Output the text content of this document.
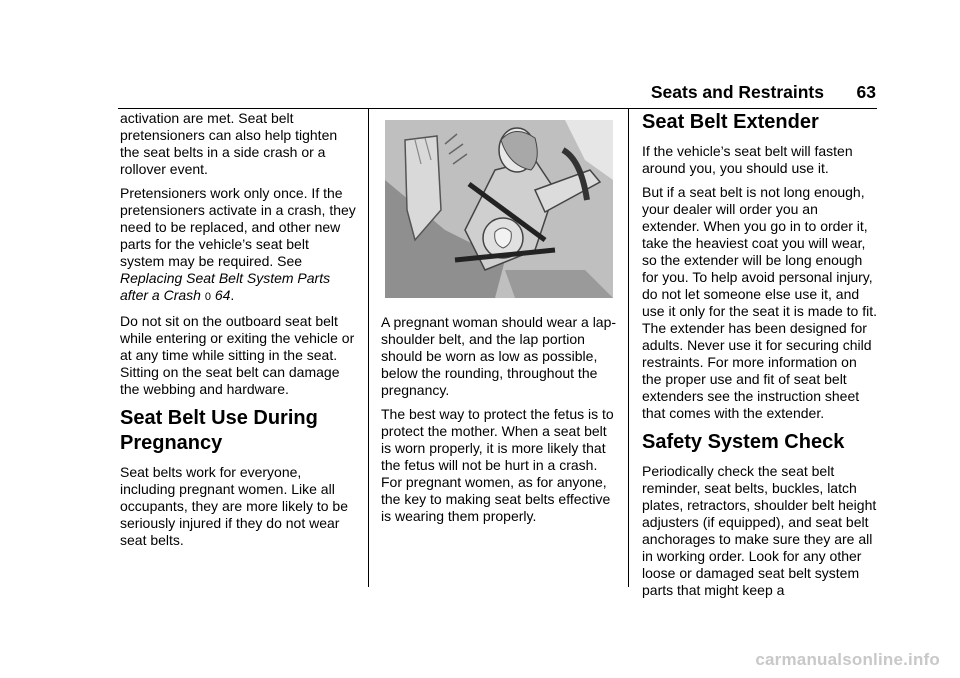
Seats and Restraints 63

activation are met. Seat belt pretensioners can also help tighten the seat belts in a side crash or a rollover event.

Pretensioners work only once. If the pretensioners activate in a crash, they need to be replaced, and other new parts for the vehicle’s seat belt system may be required. See Replacing Seat Belt System Parts after a Crash 0 64.

Do not sit on the outboard seat belt while entering or exiting the vehicle or at any time while sitting in the seat. Sitting on the seat belt can damage the webbing and hardware.

Seat Belt Use During Pregnancy

Seat belts work for everyone, including pregnant women. Like all occupants, they are more likely to be seriously injured if they do not wear seat belts.

A pregnant woman should wear a lap-shoulder belt, and the lap portion should be worn as low as possible, below the rounding, throughout the pregnancy.

The best way to protect the fetus is to protect the mother. When a seat belt is worn properly, it is more likely that the fetus will not be hurt in a crash. For pregnant women, as for anyone, the key to making seat belts effective is wearing them properly.

Seat Belt Extender

If the vehicle’s seat belt will fasten around you, you should use it.

But if a seat belt is not long enough, your dealer will order you an extender. When you go in to order it, take the heaviest coat you will wear, so the extender will be long enough for you. To help avoid personal injury, do not let someone else use it, and use it only for the seat it is made to fit. The extender has been designed for adults. Never use it for securing child restraints. For more information on the proper use and fit of seat belt extenders see the instruction sheet that comes with the extender.

Safety System Check

Periodically check the seat belt reminder, seat belts, buckles, latch plates, retractors, shoulder belt height adjusters (if equipped), and seat belt anchorages to make sure they are all in working order. Look for any other loose or damaged seat belt system parts that might keep a

carmanualsonline.info
